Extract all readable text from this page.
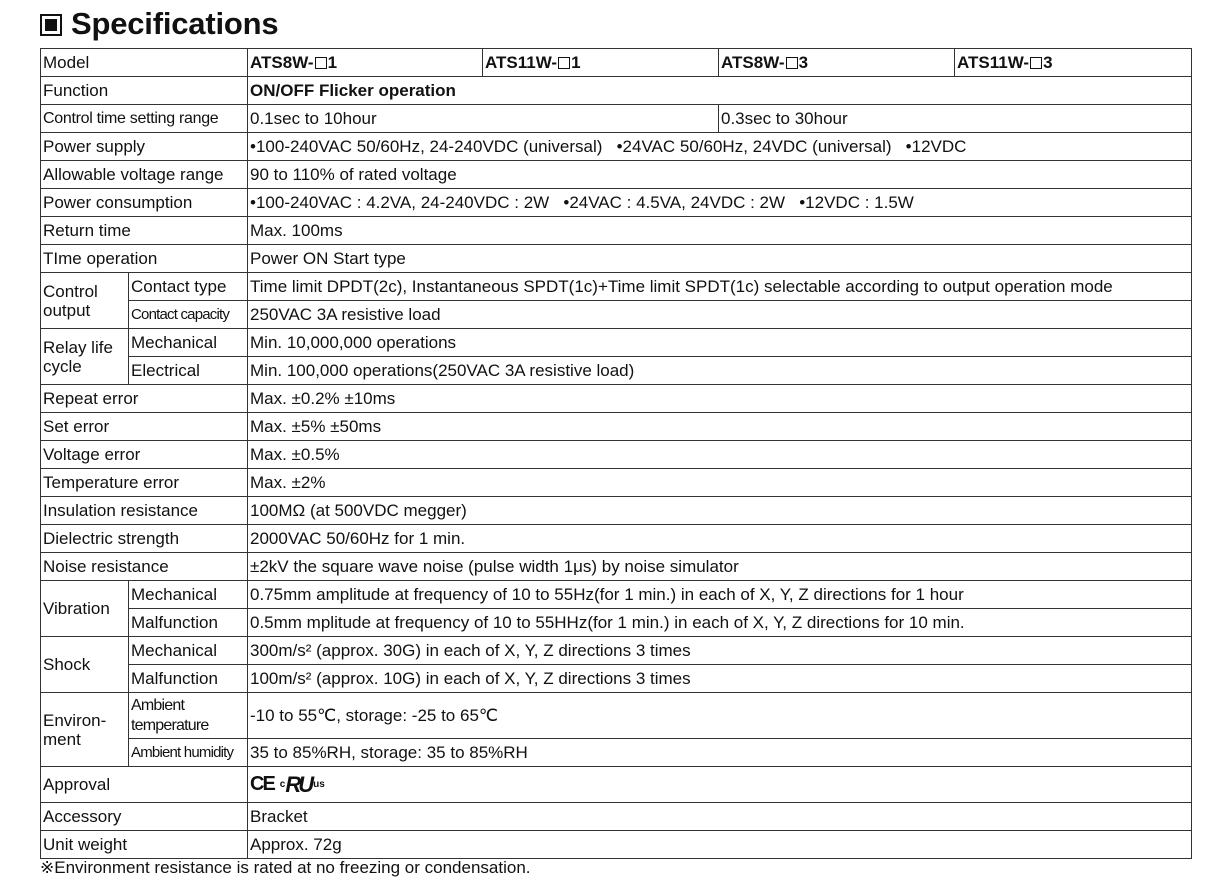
Specifications
Model		ATS8W- 1	ATS11W- 1	ATS8W- 3	ATS11W- 3
Function		ON/OFF Flicker operation			
Control time setting range		0.1sec to 10hour		0.3sec to 30hour	
Power supply		•100-240VAC 50/60Hz, 24-240VDC (universal)   •24VAC 50/60Hz, 24VDC (universal)   •12VDC			
Allowable voltage range		90 to 110% of rated voltage			
Power consumption		•100-240VAC : 4.2VA, 24-240VDC : 2W   •24VAC : 4.5VA, 24VDC : 2W   •12VDC : 1.5W			
Return time		Max. 100ms			
TIme operation		Power ON Start type			
Control output	Contact type	Time limit DPDT(2c), Instantaneous SPDT(1c)+Time limit SPDT(1c) selectable according to output operation mode			
	Contact capacity	250VAC 3A resistive load			
Relay life cycle	Mechanical	Min. 10,000,000 operations			
	Electrical	Min. 100,000 operations(250VAC 3A resistive load)			
Repeat error		Max. ±0.2% ±10ms			
Set error		Max. ±5% ±50ms			
Voltage error		Max. ±0.5%			
Temperature error		Max. ±2%			
Insulation resistance		100MΩ (at 500VDC megger)			
Dielectric strength		2000VAC 50/60Hz for 1 min.			
Noise resistance		±2kV the square wave noise (pulse width 1μs) by noise simulator			
Vibration	Mechanical	0.75mm amplitude at frequency of 10 to 55Hz(for 1 min.) in each of X, Y, Z directions for 1 hour			
	Malfunction	0.5mm mplitude at frequency of 10 to 55HHz(for 1 min.) in each of X, Y, Z directions for 10 min.			
Shock	Mechanical	300m/s² (approx. 30G) in each of X, Y, Z directions 3 times			
	Malfunction	100m/s² (approx. 10G) in each of X, Y, Z directions 3 times			
Environ-ment	Ambient temperature	-10 to 55℃, storage: -25 to 65℃			
	Ambient humidity	35 to 85%RH, storage: 35 to 85%RH			
Approval		CE c RU us			

Accessory		Bracket			
Unit weight		Approx. 72g			
※Environment resistance is rated at no freezing or condensation.
